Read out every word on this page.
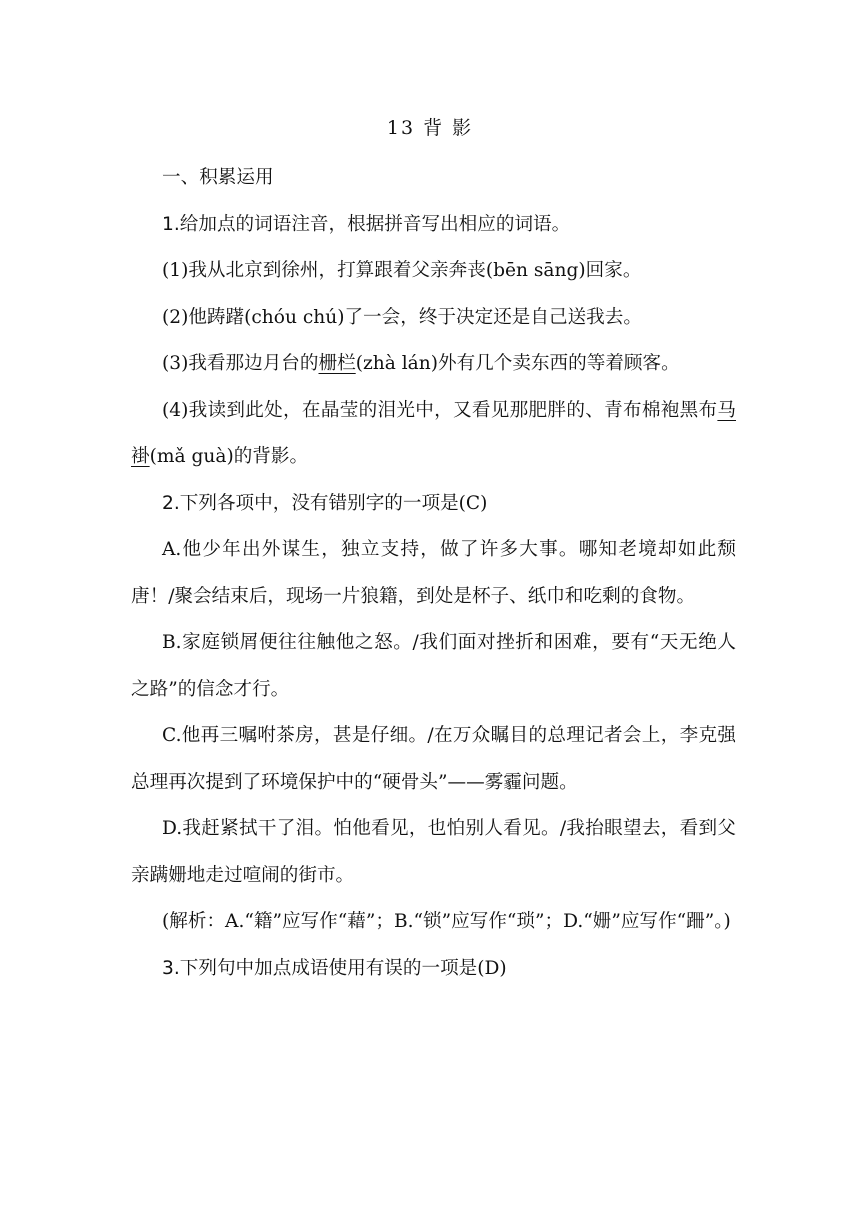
13 背 影

一、积累运用

1.给加点的词语注音，根据拼音写出相应的词语。

(1)我从北京到徐州，打算跟着父亲奔丧(bēn sāng)回家。

(2)他踌躇(chóu chú)了一会，终于决定还是自己送我去。

(3)我看那边月台的栅栏(zhà lán)外有几个卖东西的等着顾客。

(4)我读到此处，在晶莹的泪光中，又看见那肥胖的、青布棉袍黑布马褂(mǎ guà)的背影。

2.下列各项中，没有错别字的一项是(C)

A.他少年出外谋生，独立支持，做了许多大事。哪知老境却如此颓唐！/聚会结束后，现场一片狼籍，到处是杯子、纸巾和吃剩的食物。

B.家庭锁屑便往往触他之怒。/我们面对挫折和困难，要有“天无绝人之路”的信念才行。

C.他再三嘱咐茶房，甚是仔细。/在万众瞩目的总理记者会上，李克强总理再次提到了环境保护中的“硬骨头”——雾霾问题。

D.我赶紧拭干了泪。怕他看见，也怕别人看见。/我抬眼望去，看到父亲蹒姗地走过喧闹的街市。

(解析：A.“籍”应写作“藉”；B.“锁”应写作“琐”；D.“姗”应写作“跚”。)

3.下列句中加点成语使用有误的一项是(D)
